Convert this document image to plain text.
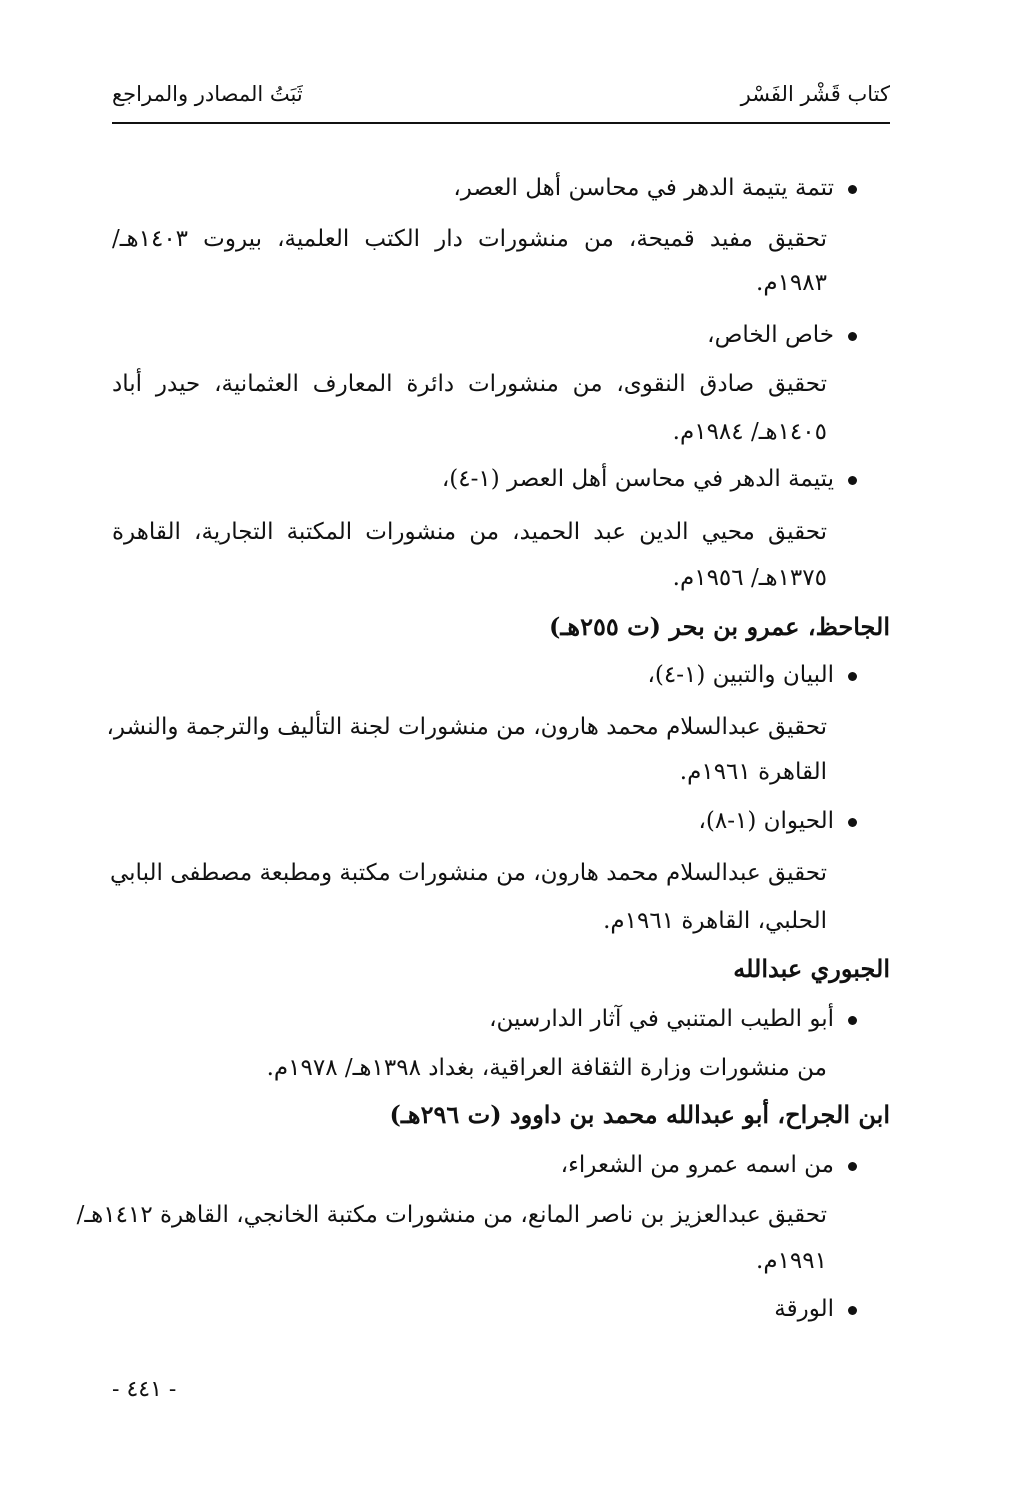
كتاب قَشْر الفَسْر
ثَبَتُ المصادر والمراجع
تتمة يتيمة الدهر في محاسن أهل العصر،
تحقيق مفيد قميحة، من منشورات دار الكتب العلمية، بيروت ١٤٠٣هـ/
١٩٨٣م.
خاص الخاص،
تحقيق صادق النقوى، من منشورات دائرة المعارف العثمانية، حيدر أباد
١٤٠٥هـ/ ١٩٨٤م.
يتيمة الدهر في محاسن أهل العصر (١-٤)،
تحقيق محيي الدين عبد الحميد، من منشورات المكتبة التجارية، القاهرة
١٣٧٥هـ/ ١٩٥٦م.
الجاحظ، عمرو بن بحر (ت ٢٥٥هـ)
البيان والتبين (١-٤)،
تحقيق عبدالسلام محمد هارون، من منشورات لجنة التأليف والترجمة والنشر،
القاهرة ١٩٦١م.
الحيوان (١-٨)،
تحقيق عبدالسلام محمد هارون، من منشورات مكتبة ومطبعة مصطفى البابي
الحلبي، القاهرة ١٩٦١م.
الجبوري عبدالله
أبو الطيب المتنبي في آثار الدارسين،
من منشورات وزارة الثقافة العراقية، بغداد ١٣٩٨هـ/ ١٩٧٨م.
ابن الجراح، أبو عبدالله محمد بن داوود (ت ٢٩٦هـ)
من اسمه عمرو من الشعراء،
تحقيق عبدالعزيز بن ناصر المانع، من منشورات مكتبة الخانجي، القاهرة ١٤١٢هـ/
١٩٩١م.
الورقة
- ٤٤١ -
